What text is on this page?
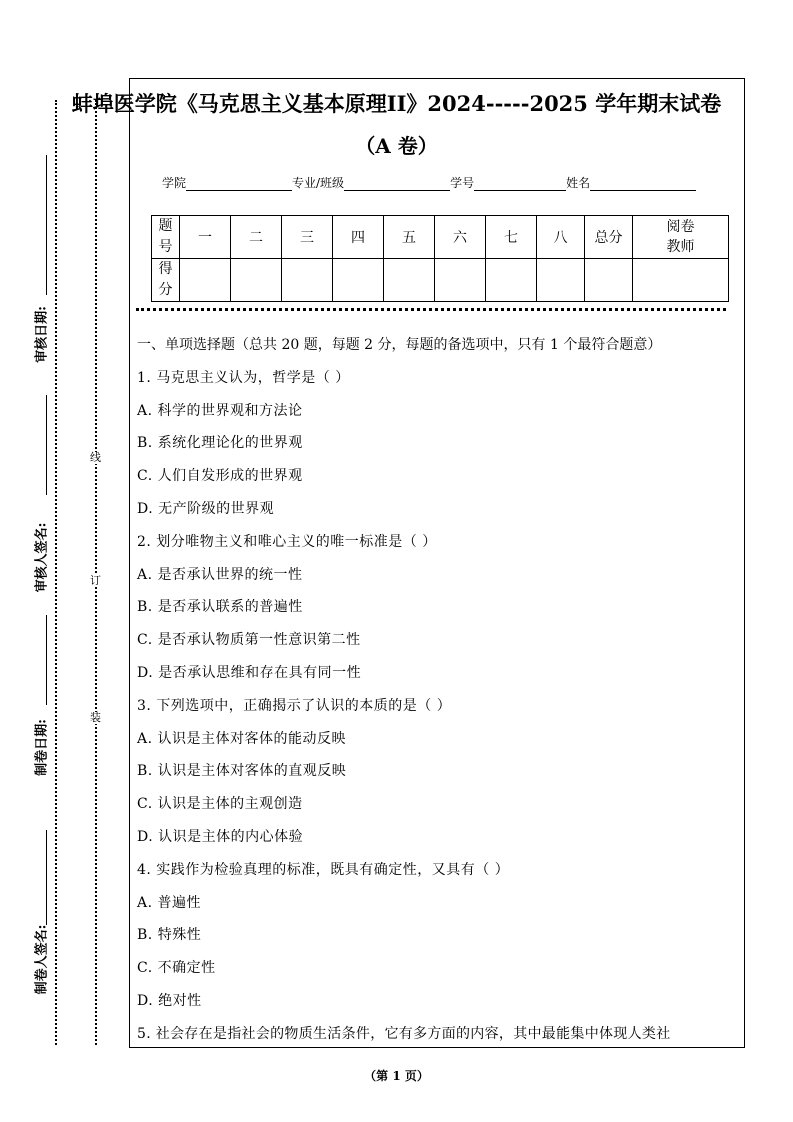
审核日期:
审核人签名:
制卷日期:
制卷人签名:
线
订
装
蚌埠医学院《马克思主义基本原理II》2024-----2025 学年期末试卷
（A 卷）
学院	专业/班级	学号	姓名
题号	一	二	三	四	五	六	七	八	总分	阅卷教师
得分										
一、单项选择题（总共 20 题，每题 2 分，每题的备选项中，只有 1 个最符合题意）
1. 马克思主义认为，哲学是（ ）
A. 科学的世界观和方法论
B. 系统化理论化的世界观
C. 人们自发形成的世界观
D. 无产阶级的世界观
2. 划分唯物主义和唯心主义的唯一标准是（ ）
A. 是否承认世界的统一性
B. 是否承认联系的普遍性
C. 是否承认物质第一性意识第二性
D. 是否承认思维和存在具有同一性
3. 下列选项中，正确揭示了认识的本质的是（ ）
A. 认识是主体对客体的能动反映
B. 认识是主体对客体的直观反映
C. 认识是主体的主观创造
D. 认识是主体的内心体验
4. 实践作为检验真理的标准，既具有确定性，又具有（ ）
A. 普遍性
B. 特殊性
C. 不确定性
D. 绝对性
5. 社会存在是指社会的物质生活条件，它有多方面的内容，其中最能集中体现人类社
（第 1 页）
